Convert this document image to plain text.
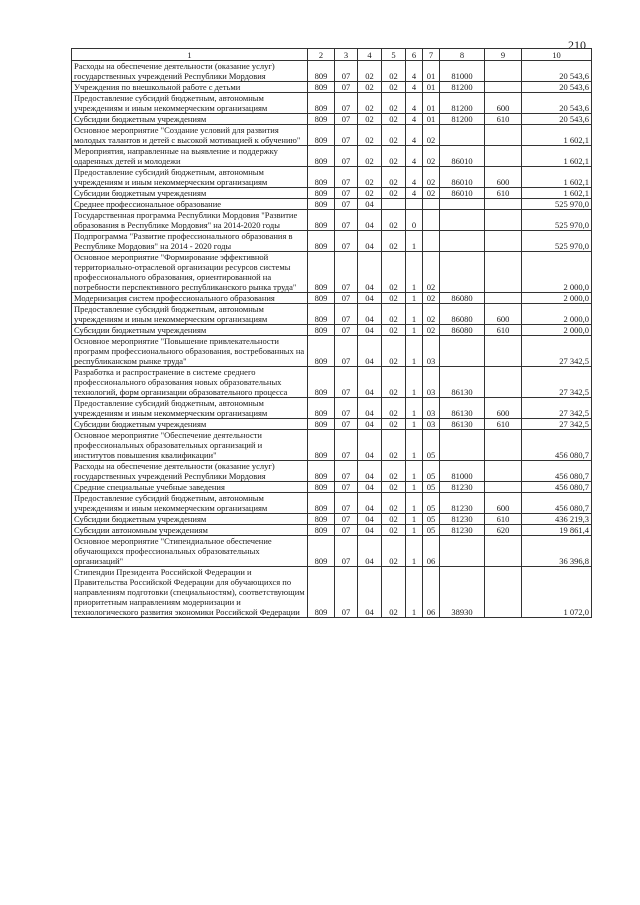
210
1	2	3	4	5	6	7	8	9	10
Расходы на обеспечение деятельности (оказание услуг) государственных учреждений Республики Мордовия	809	07	02	02	4	01	81000		20 543,6
Учреждения по внешкольной работе с детьми	809	07	02	02	4	01	81200		20 543,6
Предоставление субсидий бюджетным, автономным учреждениям и иным некоммерческим организациям	809	07	02	02	4	01	81200	600	20 543,6
Субсидии бюджетным учреждениям	809	07	02	02	4	01	81200	610	20 543,6
Основное мероприятие "Создание условий для развития молодых талантов и детей с высокой мотивацией к обучению"	809	07	02	02	4	02			1 602,1
Мероприятия, направленные на выявление и поддержку одаренных детей и молодежи	809	07	02	02	4	02	86010		1 602,1
Предоставление субсидий бюджетным, автономным учреждениям и иным некоммерческим организациям	809	07	02	02	4	02	86010	600	1 602,1
Субсидии бюджетным учреждениям	809	07	02	02	4	02	86010	610	1 602,1
Среднее профессиональное образование	809	07	04						525 970,0
Государственная программа Республики Мордовия "Развитие образования в Республике Мордовия" на 2014-2020 годы	809	07	04	02	0				525 970,0
Подпрограмма "Развитие профессионального образования в Республике Мордовия" на 2014 - 2020 годы	809	07	04	02	1				525 970,0
Основное мероприятие "Формирование эффективной территориально-отраслевой организации ресурсов системы профессионального образования, ориентированной на потребности перспективного республиканского рынка труда"	809	07	04	02	1	02			2 000,0
Модернизация систем профессионального образования	809	07	04	02	1	02	86080		2 000,0
Предоставление субсидий бюджетным, автономным учреждениям и иным некоммерческим организациям	809	07	04	02	1	02	86080	600	2 000,0
Субсидии бюджетным учреждениям	809	07	04	02	1	02	86080	610	2 000,0
Основное мероприятие "Повышение привлекательности программ профессионального образования, востребованных на республиканском рынке труда"	809	07	04	02	1	03			27 342,5
Разработка и распространение в системе среднего профессионального образования новых образовательных технологий, форм организации образовательного процесса	809	07	04	02	1	03	86130		27 342,5
Предоставление субсидий бюджетным, автономным учреждениям и иным некоммерческим организациям	809	07	04	02	1	03	86130	600	27 342,5
Субсидии бюджетным учреждениям	809	07	04	02	1	03	86130	610	27 342,5
Основное мероприятие "Обеспечение деятельности профессиональных образовательных организаций и институтов повышения квалификации"	809	07	04	02	1	05			456 080,7
Расходы на обеспечение деятельности (оказание услуг) государственных учреждений Республики Мордовия	809	07	04	02	1	05	81000		456 080,7
Средние специальные учебные заведения	809	07	04	02	1	05	81230		456 080,7
Предоставление субсидий бюджетным, автономным учреждениям и иным некоммерческим организациям	809	07	04	02	1	05	81230	600	456 080,7
Субсидии бюджетным учреждениям	809	07	04	02	1	05	81230	610	436 219,3
Субсидии автономным учреждениям	809	07	04	02	1	05	81230	620	19 861,4
Основное мероприятие "Стипендиальное обеспечение обучающихся профессиональных образовательных организаций"	809	07	04	02	1	06			36 396,8
Стипендии Президента Российской Федерации и Правительства Российской Федерации для обучающихся по направлениям подготовки (специальностям), соответствующим приоритетным направлениям модернизации и технологического развития экономики Российской Федерации	809	07	04	02	1	06	38930		1 072,0
